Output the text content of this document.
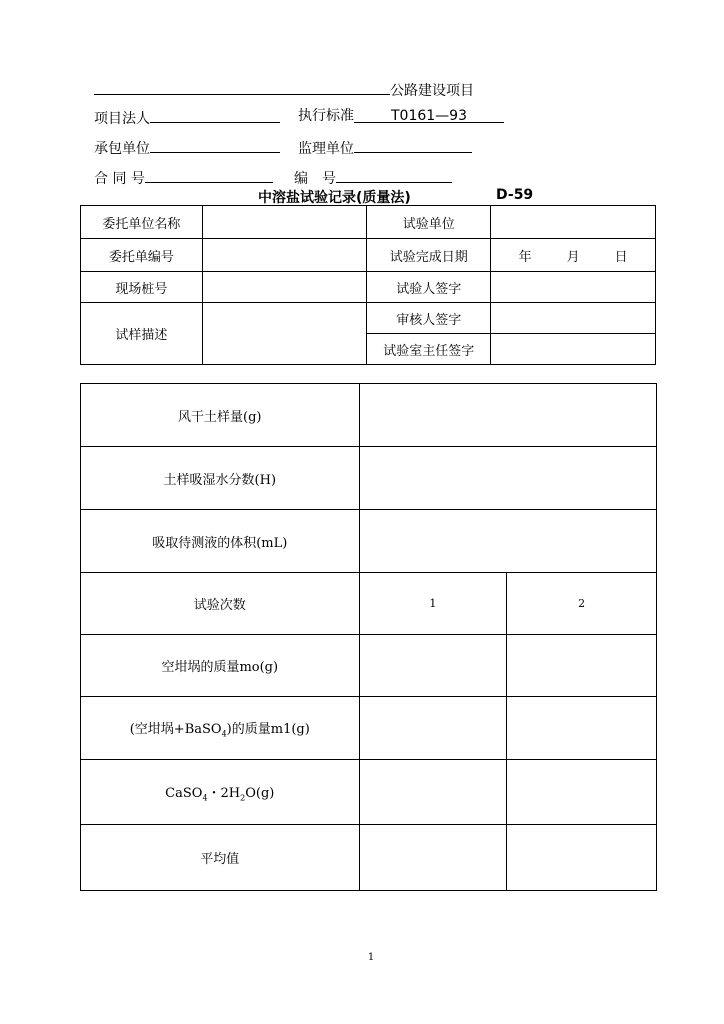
公路建设项目
项目法人	执行标准	T0161—93
承包单位	监理单位
合 同 号	编　号
中溶盐试验记录(质量法)	D-59
委托单位名称		试验单位	
委托单编号		试验完成日期	年 月 日
现场桩号		试验人签字	
试样描述		审核人签字	
		试验室主任签字	
风干土样量(g)		
土样吸湿水分数(H)		
吸取待测液的体积(mL)		
试验次数	1	2
空坩埚的质量mo(g)		
(空坩埚+BaSO$_4$)的质量m1(g)		
CaSO$_4$・$2H_2O(g)$		
平均值		
1
